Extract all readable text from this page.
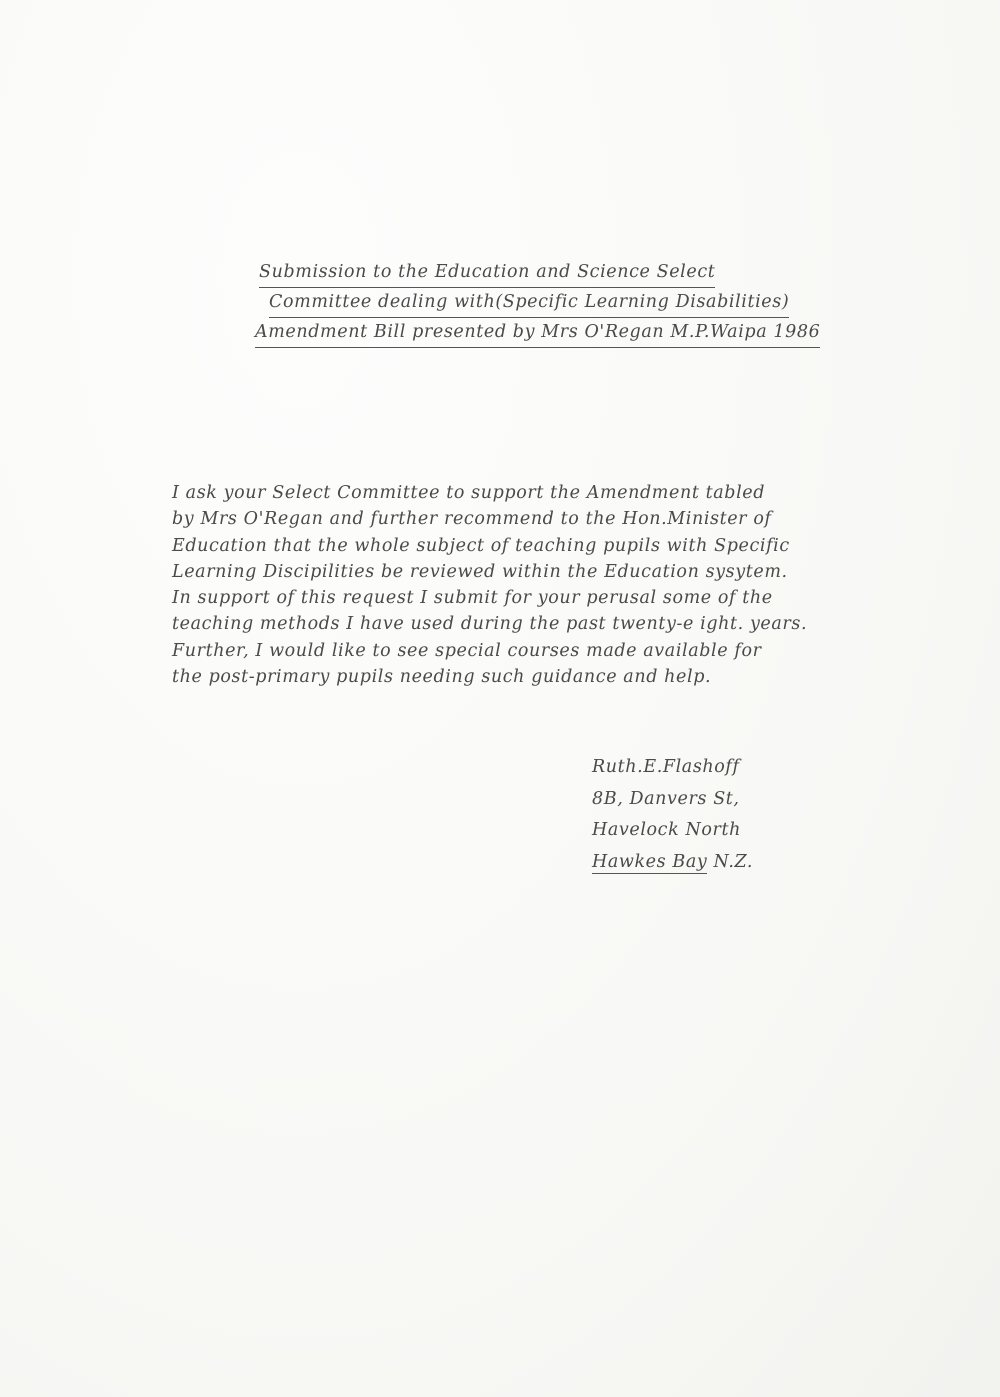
Submission to the Education and Science Select

Committee dealing with(Specific Learning Disabilities)

Amendment Bill presented by Mrs O'Regan M.P.Waipa 1986

I ask your Select Committee to support the Amendment tabled

by Mrs O'Regan and further recommend to the Hon.Minister of

Education that the whole subject of teaching pupils with Specific

Learning Discipilities be reviewed within the Education sysytem.

In support of this request I submit for your perusal some of the

teaching methods I have used during the past twenty-e ight. years.

Further, I would like to see special courses made available for

the post-primary pupils needing such guidance and help.

Ruth.E.Flashoff

8B, Danvers St,

Havelock North

Hawkes Bay N.Z.
